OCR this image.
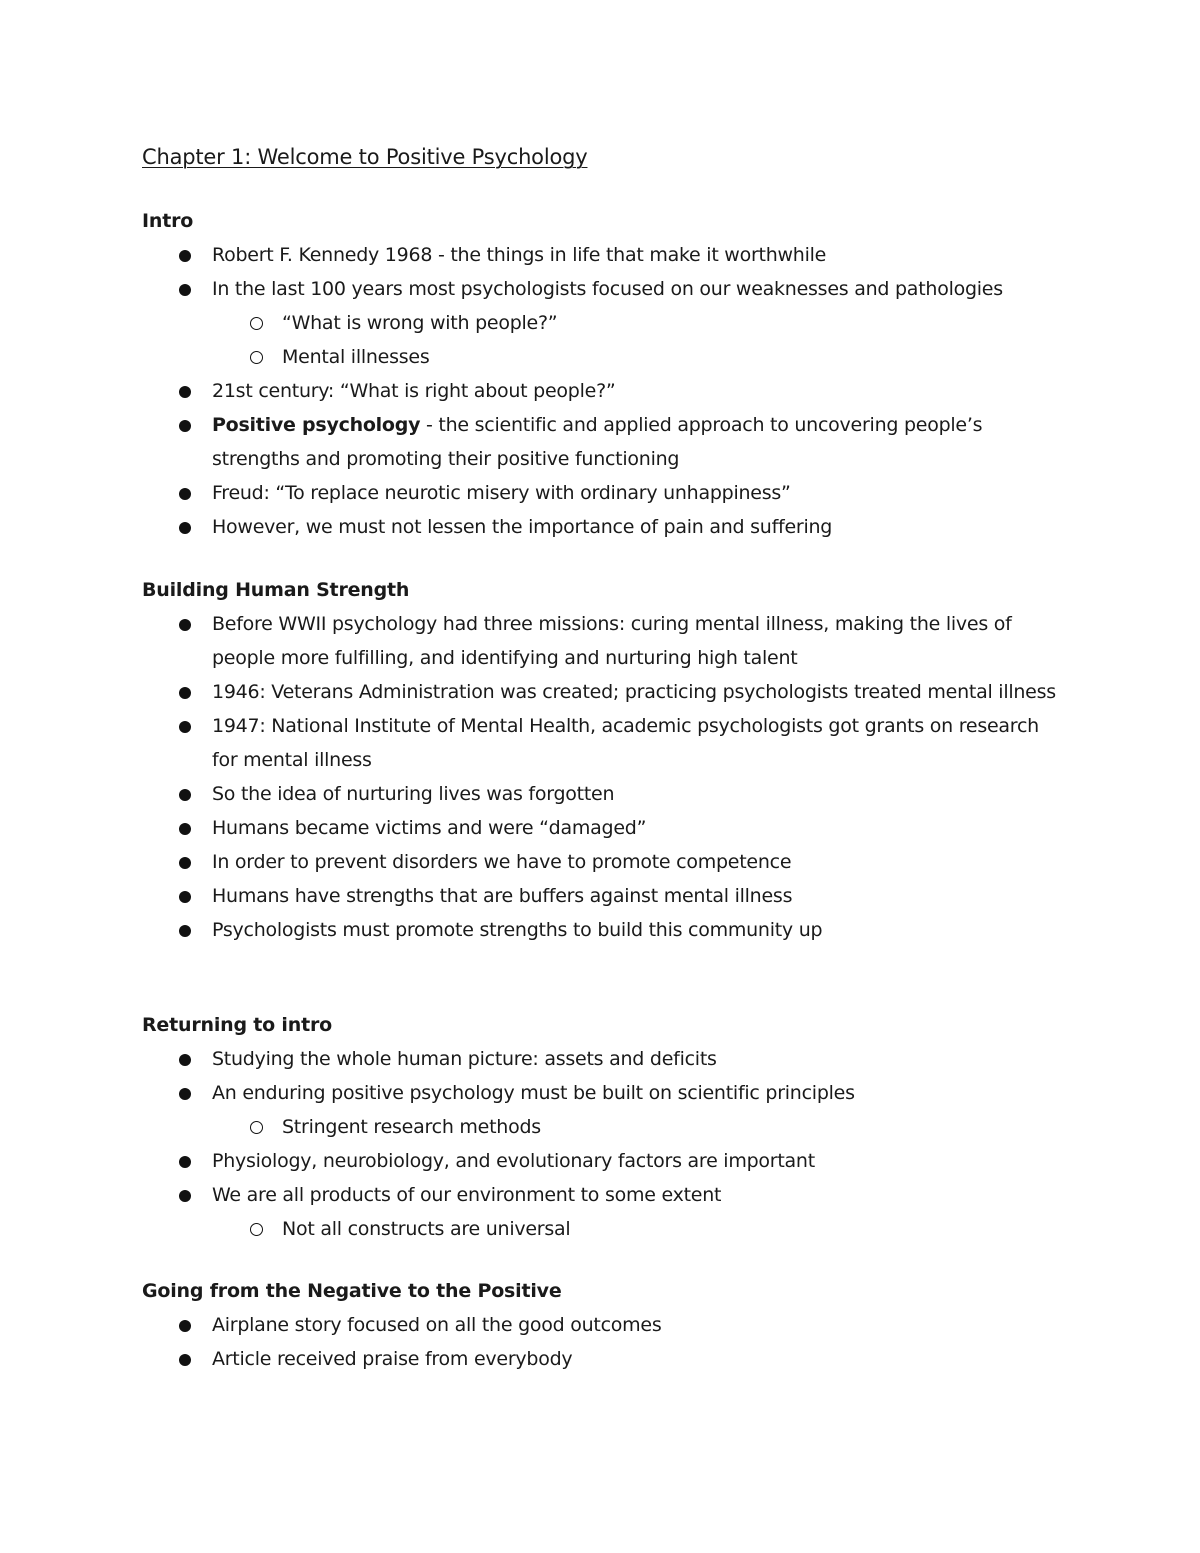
Chapter 1: Welcome to Positive Psychology
Intro
Robert F. Kennedy 1968 - the things in life that make it worthwhile
In the last 100 years most psychologists focused on our weaknesses and pathologies
“What is wrong with people?”
Mental illnesses
21st century: “What is right about people?”
Positive psychology - the scientific and applied approach to uncovering people’s strengths and promoting their positive functioning
Freud: “To replace neurotic misery with ordinary unhappiness”
However, we must not lessen the importance of pain and suffering
Building Human Strength
Before WWII psychology had three missions: curing mental illness, making the lives of people more fulfilling, and identifying and nurturing high talent
1946: Veterans Administration was created; practicing psychologists treated mental illness
1947: National Institute of Mental Health, academic psychologists got grants on research for mental illness
So the idea of nurturing lives was forgotten
Humans became victims and were “damaged”
In order to prevent disorders we have to promote competence
Humans have strengths that are buffers against mental illness
Psychologists must promote strengths to build this community up
Returning to intro
Studying the whole human picture: assets and deficits
An enduring positive psychology must be built on scientific principles
Stringent research methods
Physiology, neurobiology, and evolutionary factors are important
We are all products of our environment to some extent
Not all constructs are universal
Going from the Negative to the Positive
Airplane story focused on all the good outcomes
Article received praise from everybody
